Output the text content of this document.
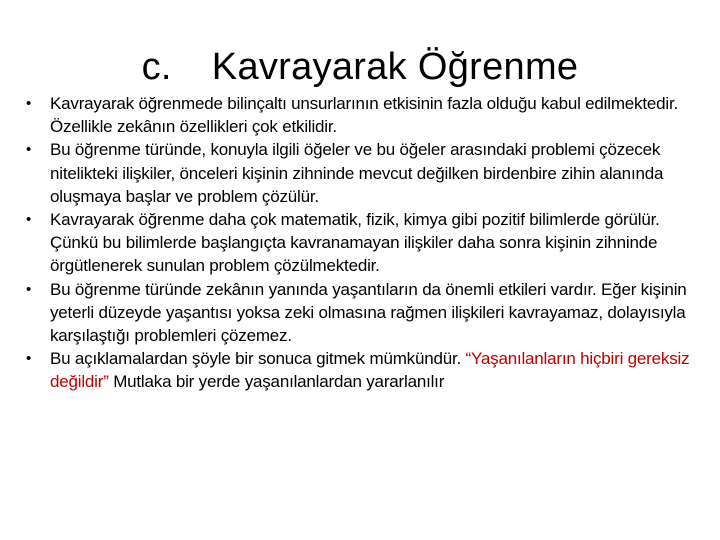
c. Kavrayarak Öğrenme
• Kavrayarak öğrenmede bilinçaltı unsurlarının etkisinin fazla olduğu kabul edilmektedir. Özellikle zekânın özellikleri çok etkilidir.
• Bu öğrenme türünde, konuyla ilgili öğeler ve bu öğeler arasındaki problemi çözecek nitelikteki ilişkiler, önceleri kişinin zihninde mevcut değilken birdenbire zihin alanında oluşmaya başlar ve problem çözülür.
• Kavrayarak öğrenme daha çok matematik, fizik, kimya gibi pozitif bilimlerde görülür. Çünkü bu bilimlerde başlangıçta kavranamayan ilişkiler daha sonra kişinin zihninde örgütlenerek sunulan problem çözülmektedir.
• Bu öğrenme türünde zekânın yanında yaşantıların da önemli etkileri vardır. Eğer kişinin yeterli düzeyde yaşantısı yoksa zeki olmasına rağmen ilişkileri kavrayamaz, dolayısıyla karşılaştığı problemleri çözemez.
• Bu açıklamalardan şöyle bir sonuca gitmek mümkündür. “Yaşanılanların hiçbiri gereksiz değildir” Mutlaka bir yerde yaşanılanlardan yararlanılır
